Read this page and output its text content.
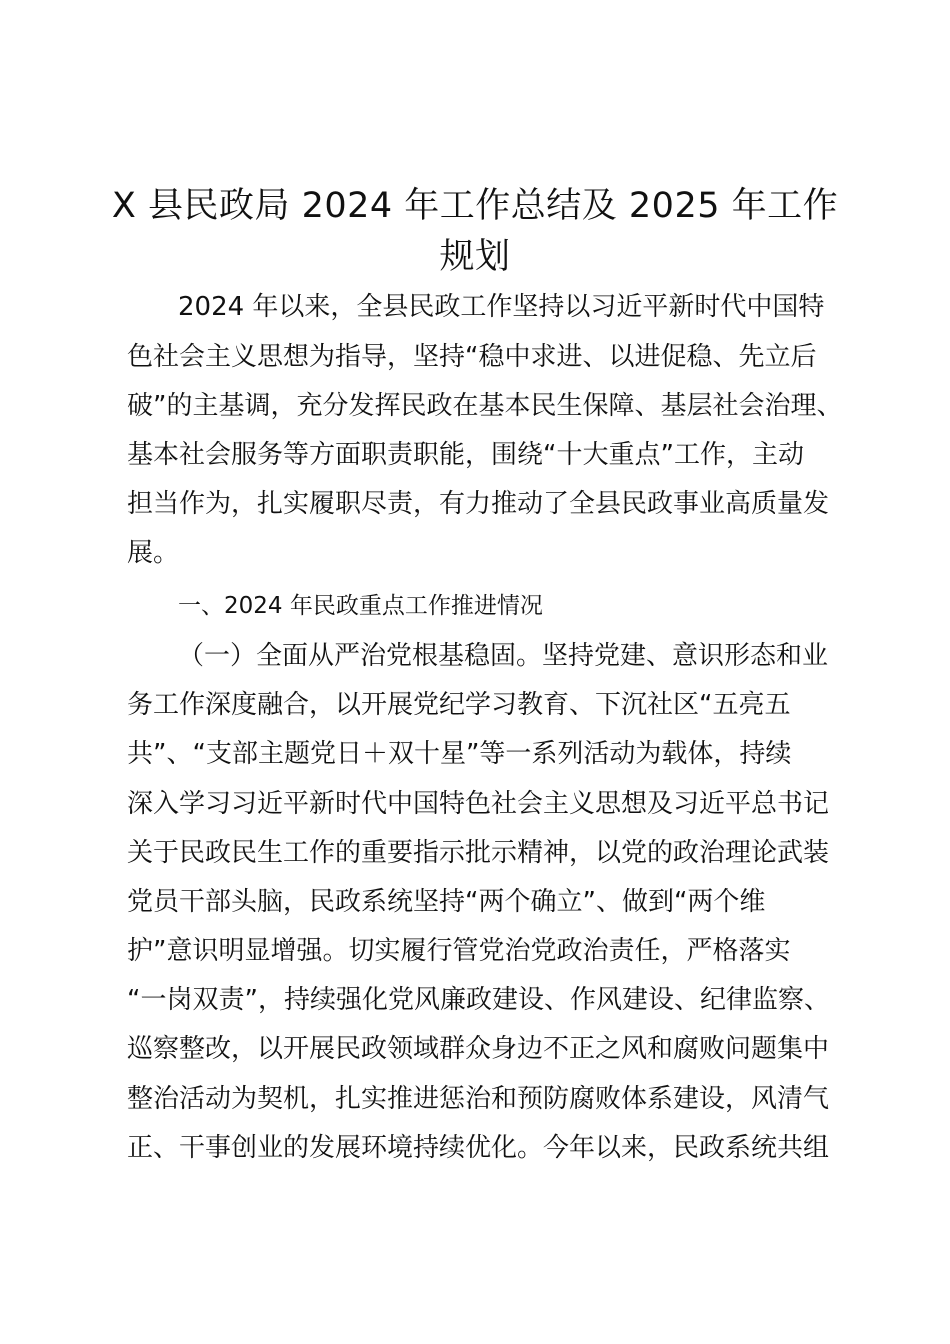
X 县民政局 2024 年工作总结及 2025 年工作
规划

2024 年以来，全县民政工作坚持以习近平新时代中国特

色社会主义思想为指导，坚持“稳中求进、以进促稳、先立后

破”的主基调，充分发挥民政在基本民生保障、基层社会治理、

基本社会服务等方面职责职能，围绕“十大重点”工作，主动

担当作为，扎实履职尽责，有力推动了全县民政事业高质量发

展。

一、2024 年民政重点工作推进情况

（一）全面从严治党根基稳固。坚持党建、意识形态和业

务工作深度融合，以开展党纪学习教育、下沉社区“五亮五

共”、“支部主题党日＋双十星”等一系列活动为载体，持续

深入学习习近平新时代中国特色社会主义思想及习近平总书记

关于民政民生工作的重要指示批示精神，以党的政治理论武装

党员干部头脑，民政系统坚持“两个确立”、做到“两个维

护”意识明显增强。切实履行管党治党政治责任，严格落实

“一岗双责”，持续强化党风廉政建设、作风建设、纪律监察、

巡察整改，以开展民政领域群众身边不正之风和腐败问题集中

整治活动为契机，扎实推进惩治和预防腐败体系建设，风清气

正、干事创业的发展环境持续优化。今年以来，民政系统共组
